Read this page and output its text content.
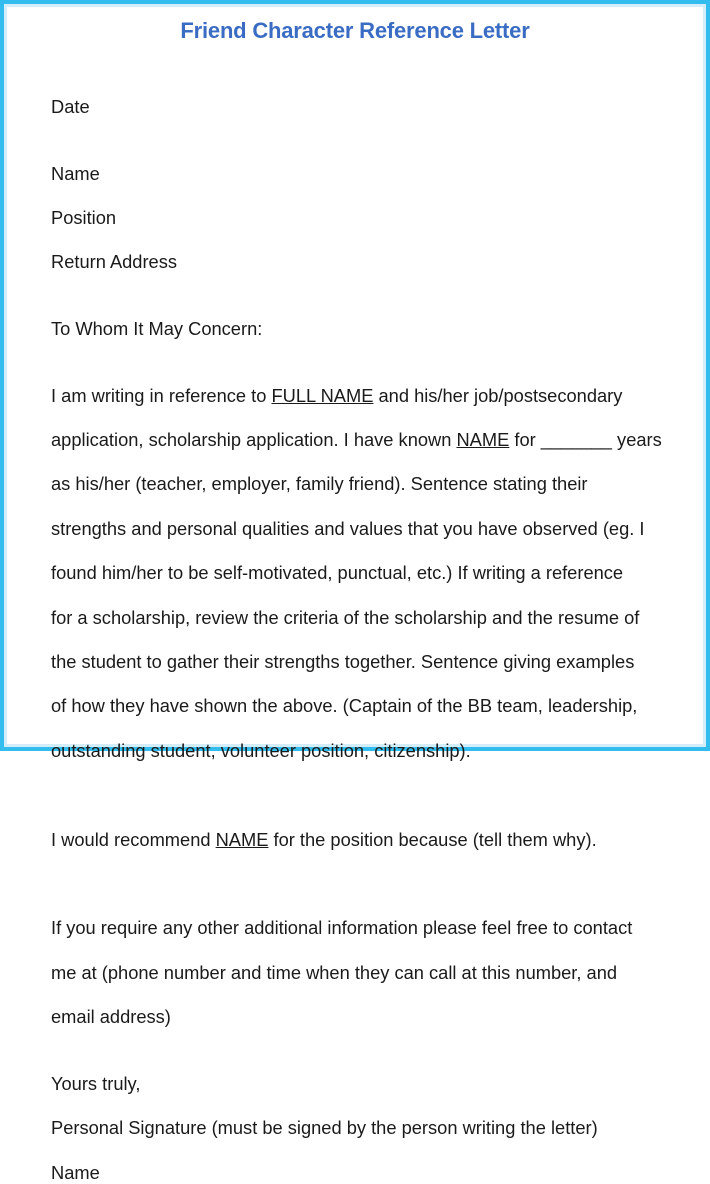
Friend Character Reference Letter

Date

Name

Position

Return Address

To Whom It May Concern:

I am writing in reference to FULL NAME and his/her job/postsecondary

application, scholarship application. I have known NAME for _______ years

as his/her (teacher, employer, family friend). Sentence stating their

strengths and personal qualities and values that you have observed (eg. I

found him/her to be self-motivated, punctual, etc.) If writing a reference

for a scholarship, review the criteria of the scholarship and the resume of

the student to gather their strengths together. Sentence giving examples

of how they have shown the above. (Captain of the BB team, leadership,

outstanding student, volunteer position, citizenship).

I would recommend NAME for the position because (tell them why).

If you require any other additional information please feel free to contact

me at (phone number and time when they can call at this number, and

email address)

Yours truly,

Personal Signature (must be signed by the person writing the letter)

Name
